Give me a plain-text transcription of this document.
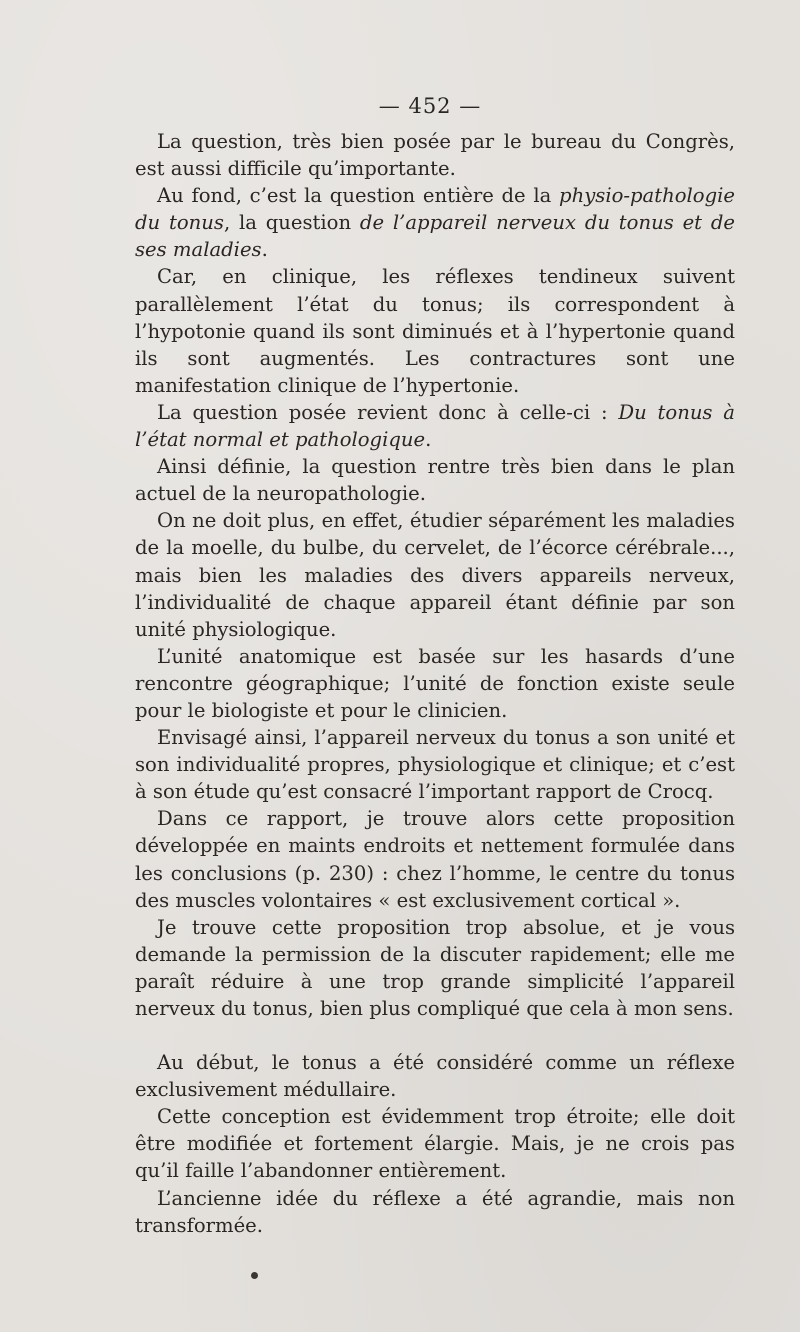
— 452 —

La question, très bien posée par le bureau du Congrès, est aussi difficile qu’importante.

Au fond, c’est la question entière de la physio-pathologie du tonus, la question de l’appareil nerveux du tonus et de ses maladies.

Car, en clinique, les réflexes tendineux suivent parallèlement l’état du tonus; ils correspondent à l’hypotonie quand ils sont diminués et à l’hypertonie quand ils sont augmentés. Les contractures sont une manifestation clinique de l’hypertonie.

La question posée revient donc à celle-ci : Du tonus à l’état normal et pathologique.

Ainsi définie, la question rentre très bien dans le plan actuel de la neuropathologie.

On ne doit plus, en effet, étudier séparément les maladies de la moelle, du bulbe, du cervelet, de l’écorce cérébrale..., mais bien les maladies des divers appareils nerveux, l’individualité de chaque appareil étant définie par son unité physiologique.

L’unité anatomique est basée sur les hasards d’une rencontre géographique; l’unité de fonction existe seule pour le biologiste et pour le clinicien.

Envisagé ainsi, l’appareil nerveux du tonus a son unité et son individualité propres, physiologique et clinique; et c’est à son étude qu’est consacré l’important rapport de Crocq.

Dans ce rapport, je trouve alors cette proposition développée en maints endroits et nettement formulée dans les conclusions (p. 230) : chez l’homme, le centre du tonus des muscles volontaires « est exclusivement cortical ».

Je trouve cette proposition trop absolue, et je vous demande la permission de la discuter rapidement; elle me paraît réduire à une trop grande simplicité l’appareil nerveux du tonus, bien plus compliqué que cela à mon sens.

Au début, le tonus a été considéré comme un réflexe exclusivement médullaire.

Cette conception est évidemment trop étroite; elle doit être modifiée et fortement élargie. Mais, je ne crois pas qu’il faille l’abandonner entièrement.

L’ancienne idée du réflexe a été agrandie, mais non transformée.
